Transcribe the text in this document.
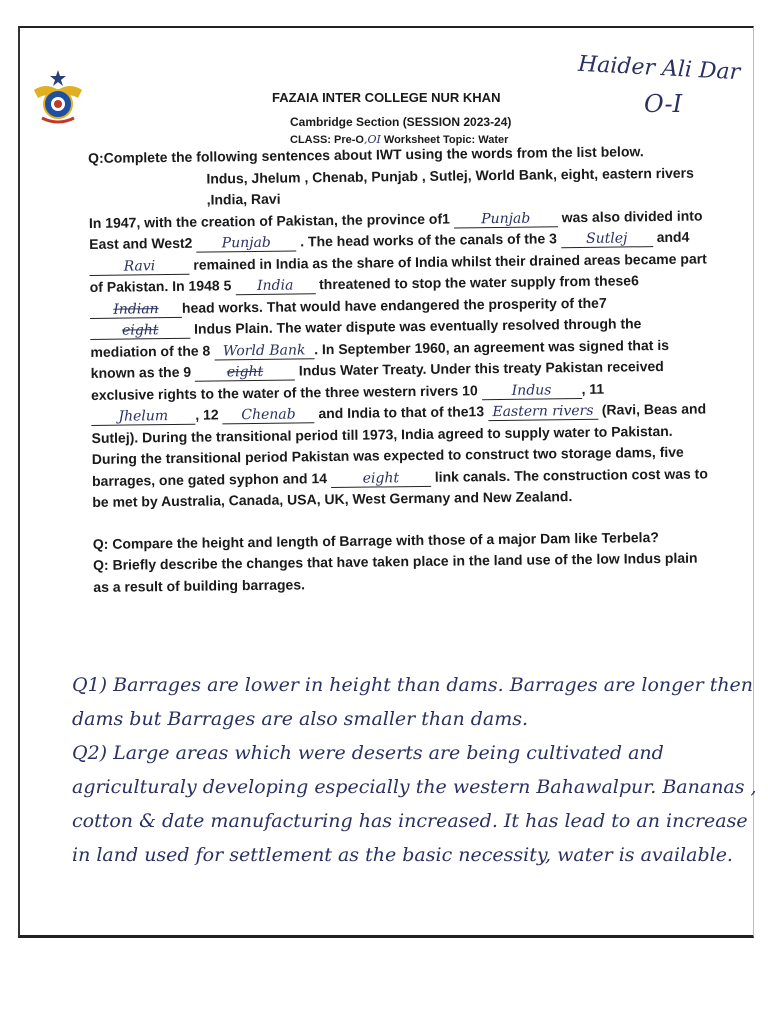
Haider Ali Dar
O-I
FAZAIA INTER COLLEGE NUR KHAN
Cambridge Section (SESSION 2023-24)
CLASS: Pre-O,OI Worksheet Topic: Water

Q:Complete the following sentences about IWT using the words from the list below.

Indus, Jhelum , Chenab, Punjab , Sutlej, World Bank, eight, eastern rivers ,India, Ravi

In 1947, with the creation of Pakistan, the province of1 Punjab was also divided into East and West2 Punjab . The head works of the canals of the 3 Sutlej and4 Ravi	remained in India as the share of India whilst their drained areas became part of Pakistan. In 1948 5 India threatened to stop the water supply from these6 Indian head works. That would have endangered the prosperity of the7 eight	Indus Plain. The water dispute was eventually resolved through the mediation of the 8 World Bank . In September 1960, an agreement was signed that is known as the 9	eight	Indus Water Treaty. Under this treaty Pakistan received exclusive rights to the water of the three western rivers 10 Indus , 11 Jhelum , 12 Chenab and India to that of the13 Eastern rivers (Ravi, Beas and Sutlej). During the transitional period till 1973, India agreed to supply water to Pakistan. During the transitional period Pakistan was expected to construct two storage dams, five barrages, one gated syphon and 14	eight	link canals. The construction cost was to be met by Australia, Canada, USA, UK, West Germany and New Zealand.

Q: Compare the height and length of Barrage with those of a major Dam like Terbela?

Q: Briefly describe the changes that have taken place in the land use of the low Indus plain as a result of building barrages.

Q1) Barrages are lower in height than dams. Barrages are longer then dams but Barrages are also smaller than dams.

Q2) Large areas which were deserts are being cultivated and agriculturaly developing especially the western Bahawalpur. Bananas , cotton & date manufacturing has increased. It has lead to an increase in land used for settlement as the basic necessity, water is available.
